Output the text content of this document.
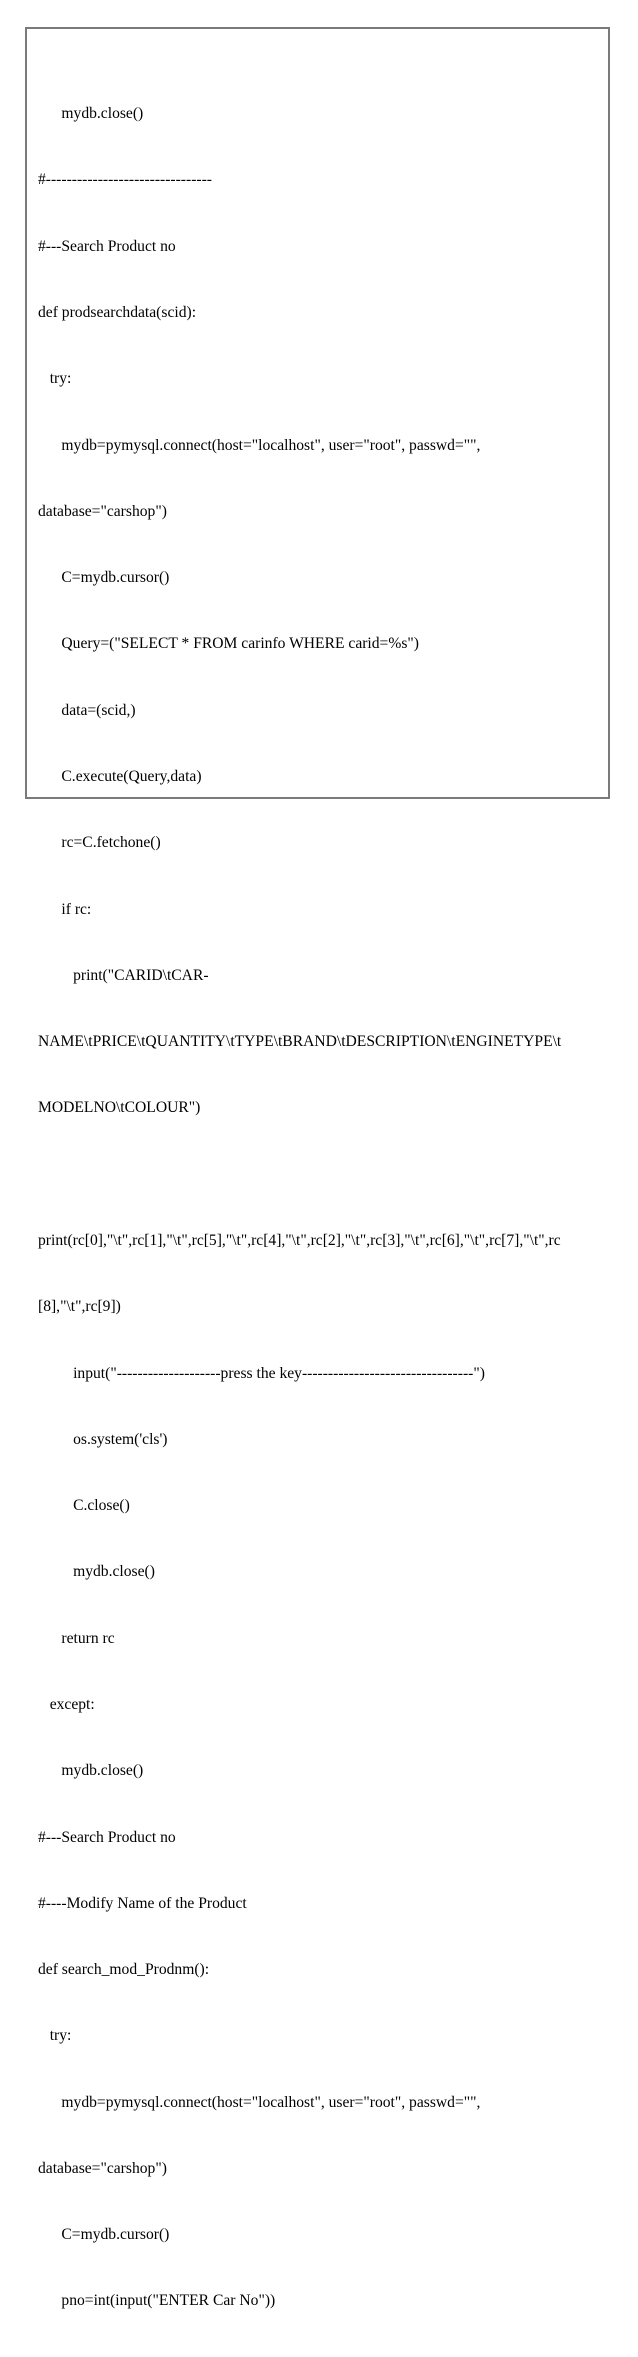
mydb.close()

#--------------------------------

#---Search Product no

def prodsearchdata(scid):

try:

mydb=pymysql.connect(host="localhost", user="root", passwd="",

database="carshop")

C=mydb.cursor()

Query=("SELECT * FROM carinfo WHERE carid=%s")

data=(scid,)

C.execute(Query,data)

rc=C.fetchone()

if rc:

print("CARID\tCAR-

NAME\tPRICE\tQUANTITY\tTYPE\tBRAND\tDESCRIPTION\tENGINETYPE\t

MODELNO\tCOLOUR")

print(rc[0],"\t",rc[1],"\t",rc[5],"\t",rc[4],"\t",rc[2],"\t",rc[3],"\t",rc[6],"\t",rc[7],"\t",rc

[8],"\t",rc[9])

input("--------------------press the key---------------------------------")

os.system('cls')

C.close()

mydb.close()

return rc

except:

mydb.close()

#---Search Product no

#----Modify Name of the Product

def search_mod_Prodnm():

try:

mydb=pymysql.connect(host="localhost", user="root", passwd="",

database="carshop")

C=mydb.cursor()

pno=int(input("ENTER Car No"))
